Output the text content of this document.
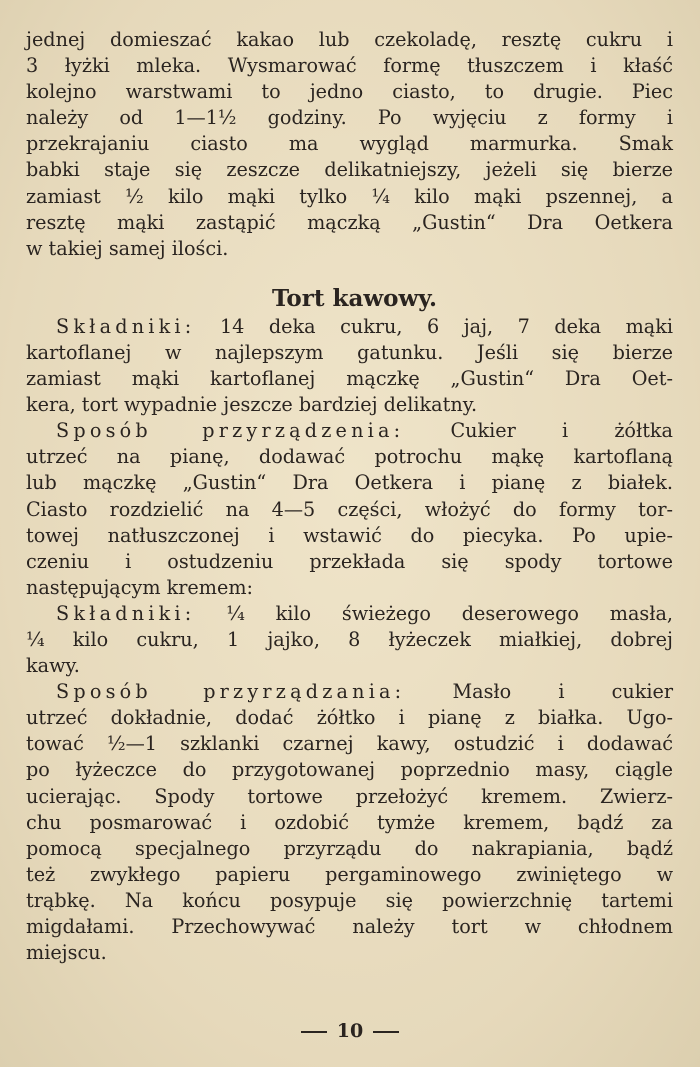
jednej domieszać kakao lub czekoladę, resztę cukru i
3 łyżki mleka. Wysmarować formę tłuszczem i kłaść
kolejno warstwami to jedno ciasto, to drugie. Piec
należy od 1—1½ godziny. Po wyjęciu z formy i
przekrajaniu ciasto ma wygląd marmurka. Smak
babki staje się zeszcze delikatniejszy, jeżeli się bierze
zamiast ½ kilo mąki tylko ¼ kilo mąki pszennej, a
resztę mąki zastąpić mączką „Gustin“ Dra Oetkera
w takiej samej ilości.
Tort kawowy.
Składniki: 14 deka cukru, 6 jaj, 7 deka mąki
kartoflanej w najlepszym gatunku. Jeśli się bierze
zamiast mąki kartoflanej mączkę „Gustin“ Dra Oet-
kera, tort wypadnie jeszcze bardziej delikatny.
Sposób przyrządzenia: Cukier i żółtka
utrzeć na pianę, dodawać potrochu mąkę kartoflaną
lub mączkę „Gustin“ Dra Oetkera i pianę z białek.
Ciasto rozdzielić na 4—5 części, włożyć do formy tor-
towej natłuszczonej i wstawić do piecyka. Po upie-
czeniu i ostudzeniu przekłada się spody tortowe
następującym kremem:
Składniki: ¼ kilo świeżego deserowego masła,
¼ kilo cukru, 1 jajko, 8 łyżeczek miałkiej, dobrej
kawy.
Sposób przyrządzania: Masło i cukier
utrzeć dokładnie, dodać żółtko i pianę z białka. Ugo-
tować ½—1 szklanki czarnej kawy, ostudzić i dodawać
po łyżeczce do przygotowanej poprzednio masy, ciągle
ucierając. Spody tortowe przełożyć kremem. Zwierz-
chu posmarować i ozdobić tymże kremem, bądź za
pomocą specjalnego przyrządu do nakrapiania, bądź
też zwykłego papieru pergaminowego zwiniętego w
trąbkę. Na końcu posypuje się powierzchnię tartemi
migdałami. Przechowywać należy tort w chłodnem
miejscu.
10
